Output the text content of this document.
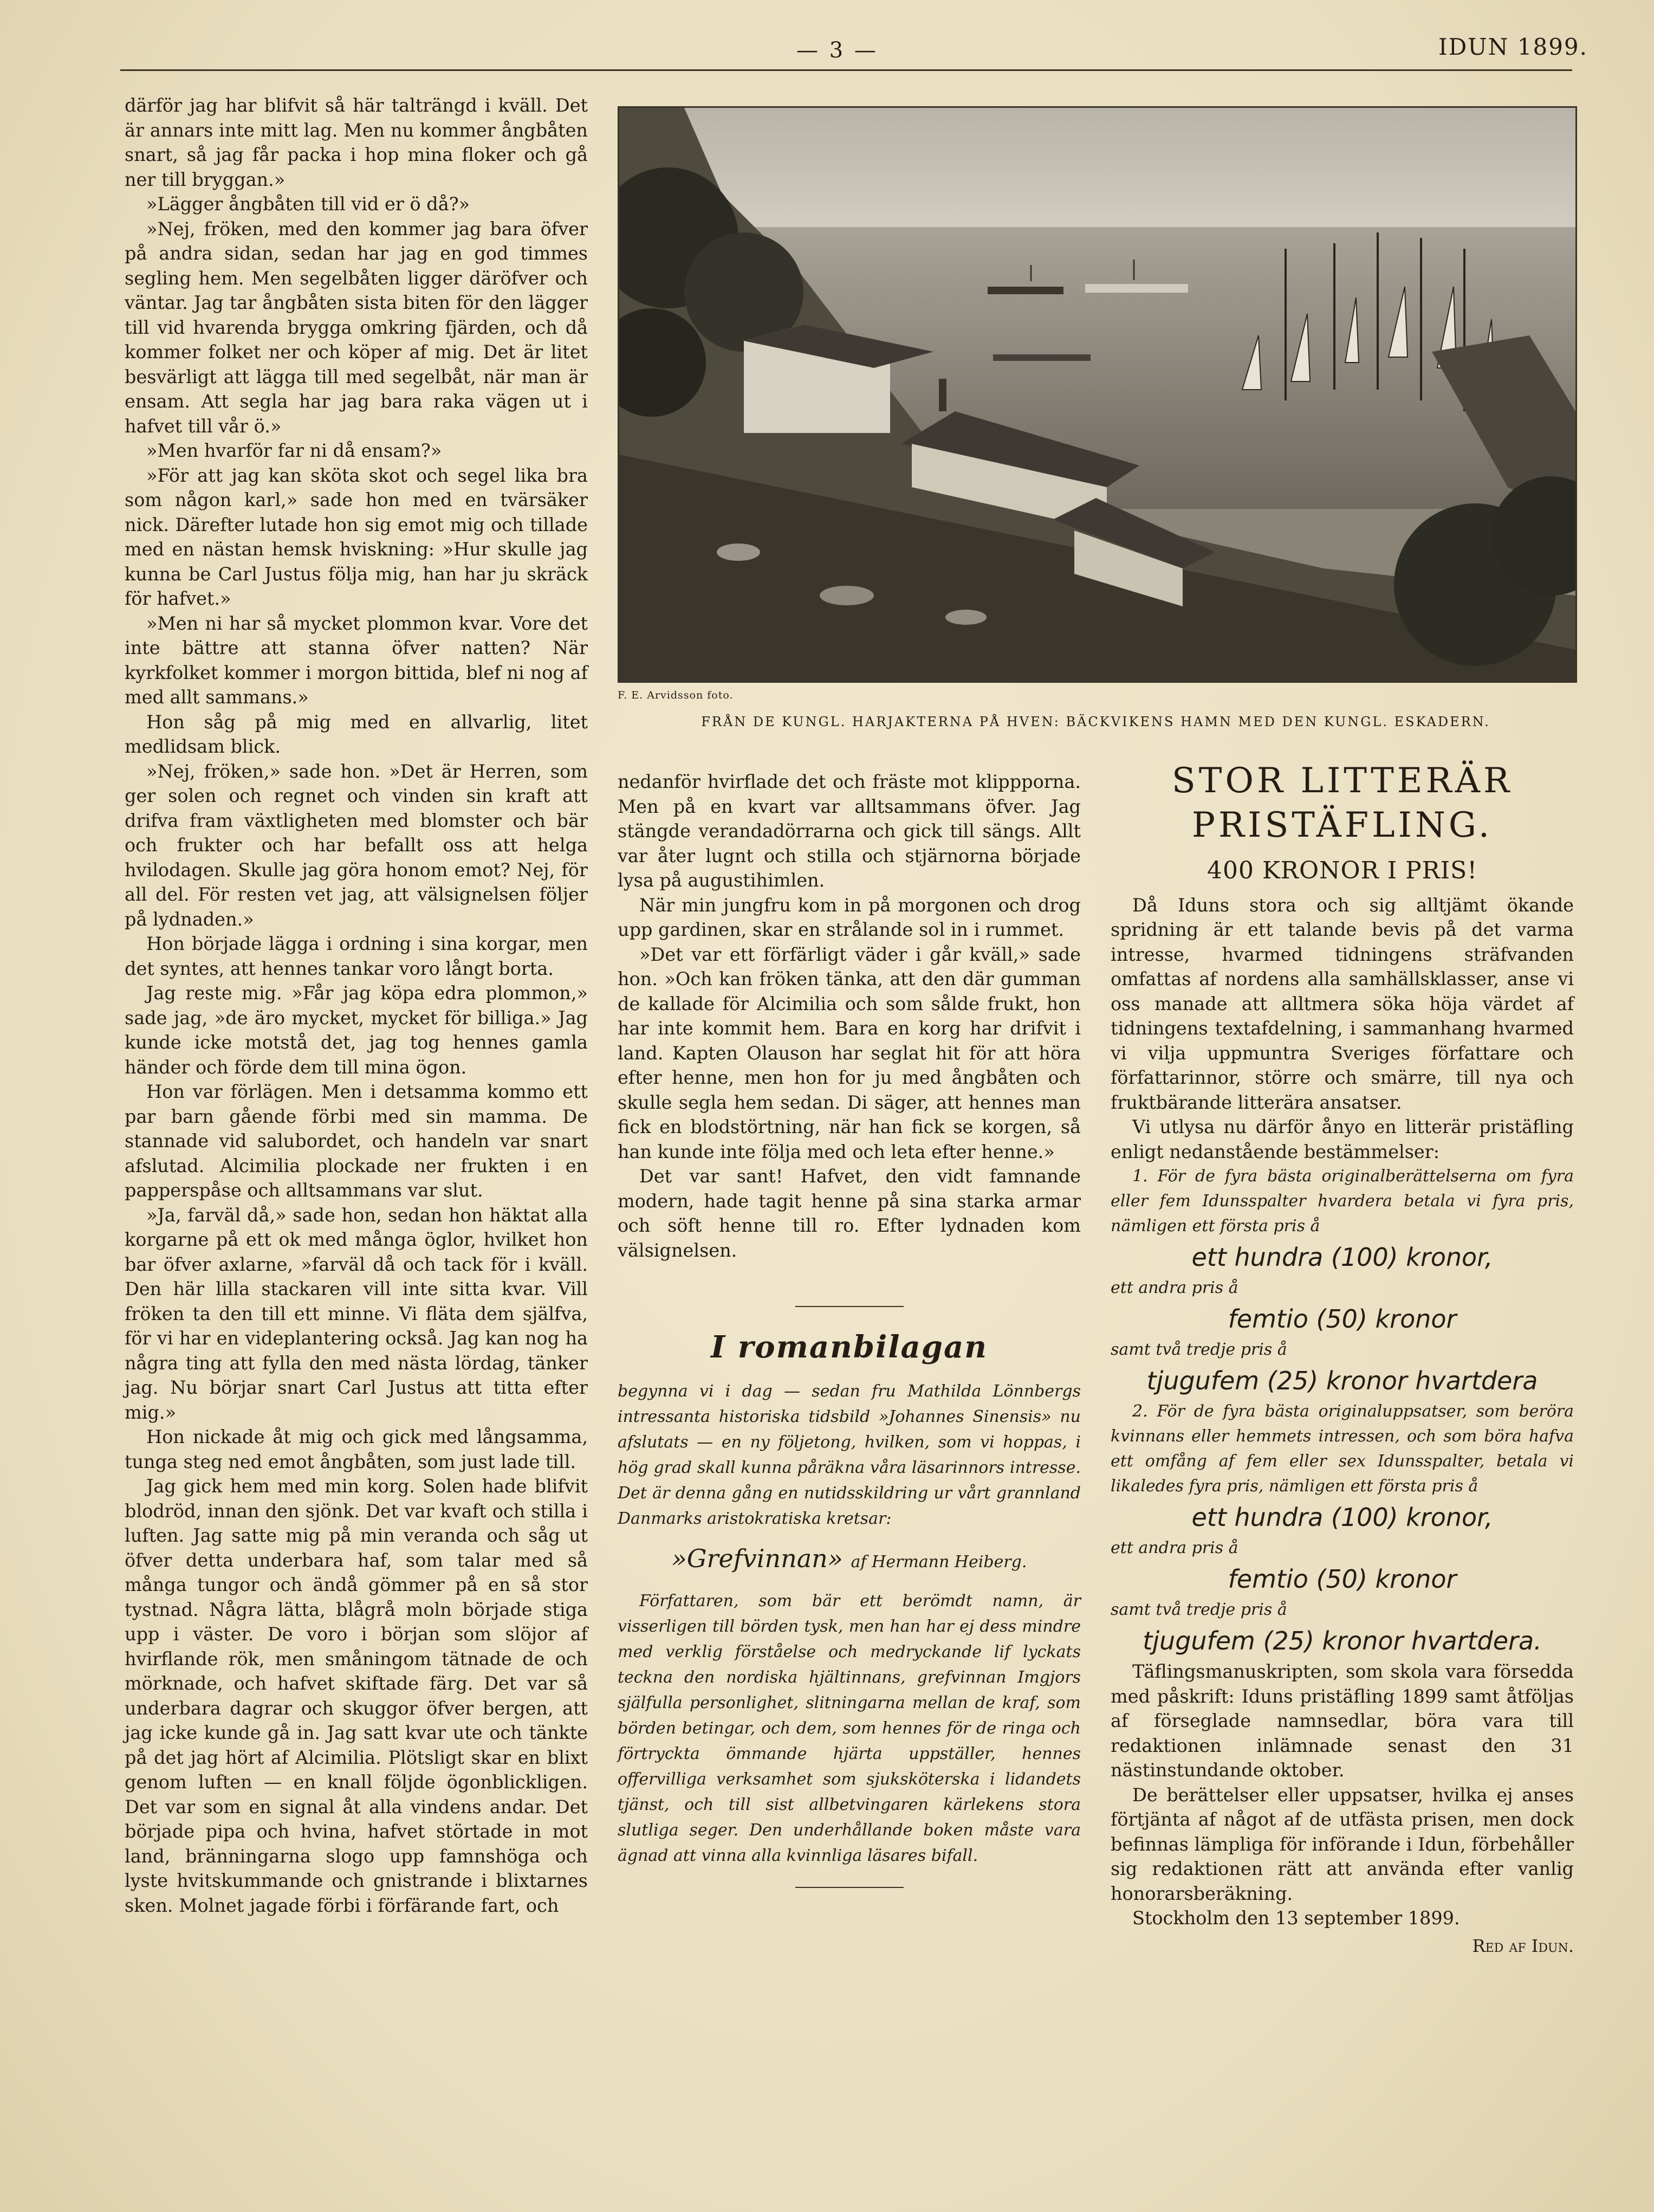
— 3 —	IDUN 1899.

därför jag har blifvit så här talträngd i kväll. Det är annars inte mitt lag. Men nu kommer ångbåten snart, så jag får packa i hop mina floker och gå ner till bryggan.»

»Lägger ångbåten till vid er ö då?»

»Nej, fröken, med den kommer jag bara öfver på andra sidan, sedan har jag en god timmes segling hem. Men segelbåten ligger däröfver och väntar. Jag tar ångbåten sista biten för den lägger till vid hvarenda brygga omkring fjärden, och då kommer folket ner och köper af mig. Det är litet besvärligt att lägga till med segelbåt, när man är ensam. Att segla har jag bara raka vägen ut i hafvet till vår ö.»

»Men hvarför far ni då ensam?»

»För att jag kan sköta skot och segel lika bra som någon karl,» sade hon med en tvärsäker nick. Därefter lutade hon sig emot mig och tillade med en nästan hemsk hviskning: »Hur skulle jag kunna be Carl Justus följa mig, han har ju skräck för hafvet.»

»Men ni har så mycket plommon kvar. Vore det inte bättre att stanna öfver natten? När kyrkfolket kommer i morgon bittida, blef ni nog af med allt sammans.»

Hon såg på mig med en allvarlig, litet medlidsam blick.

»Nej, fröken,» sade hon. »Det är Herren, som ger solen och regnet och vinden sin kraft att drifva fram växtligheten med blomster och bär och frukter och har befallt oss att helga hvilodagen. Skulle jag göra honom emot? Nej, för all del. För resten vet jag, att välsignelsen följer på lydnaden.»

Hon började lägga i ordning i sina korgar, men det syntes, att hennes tankar voro långt borta.

Jag reste mig. »Får jag köpa edra plommon,» sade jag, »de äro mycket, mycket för billiga.» Jag kunde icke motstå det, jag tog hennes gamla händer och förde dem till mina ögon.

Hon var förlägen. Men i detsamma kommo ett par barn gående förbi med sin mamma. De stannade vid salubordet, och handeln var snart afslutad. Alcimilia plockade ner frukten i en papperspåse och alltsammans var slut.

»Ja, farväl då,» sade hon, sedan hon häktat alla korgarne på ett ok med många öglor, hvilket hon bar öfver axlarne, »farväl då och tack för i kväll. Den här lilla stackaren vill inte sitta kvar. Vill fröken ta den till ett minne. Vi fläta dem själfva, för vi har en videplantering också. Jag kan nog ha några ting att fylla den med nästa lördag, tänker jag. Nu börjar snart Carl Justus att titta efter mig.»

Hon nickade åt mig och gick med långsamma, tunga steg ned emot ångbåten, som just lade till.

Jag gick hem med min korg. Solen hade blifvit blodröd, innan den sjönk. Det var kvaft och stilla i luften. Jag satte mig på min veranda och såg ut öfver detta underbara haf, som talar med så många tungor och ändå gömmer på en så stor tystnad. Några lätta, blågrå moln började stiga upp i väster. De voro i början som slöjor af hvirflande rök, men småningom tätnade de och mörknade, och hafvet skiftade färg. Det var så underbara dagrar och skuggor öfver bergen, att jag icke kunde gå in. Jag satt kvar ute och tänkte på det jag hört af Alcimilia. Plötsligt skar en blixt genom luften — en knall följde ögonblickligen. Det var som en signal åt alla vindens andar. Det började pipa och hvina, hafvet störtade in mot land, bränningarna slogo upp famnshöga och lyste hvitskummande och gnistrande i blixtarnes sken. Molnet jagade förbi i förfärande fart, och

F. E. Arvidsson foto.
FRÅN DE KUNGL. HARJAKTERNA PÅ HVEN: BÄCKVIKENS HAMN MED DEN KUNGL. ESKADERN.

nedanför hvirflade det och fräste mot klippporna. Men på en kvart var alltsammans öfver. Jag stängde verandadörrarna och gick till sängs. Allt var åter lugnt och stilla och stjärnorna började lysa på augustihimlen.

När min jungfru kom in på morgonen och drog upp gardinen, skar en strålande sol in i rummet.

»Det var ett förfärligt väder i går kväll,» sade hon. »Och kan fröken tänka, att den där gumman de kallade för Alcimilia och som sålde frukt, hon har inte kommit hem. Bara en korg har drifvit i land. Kapten Olauson har seglat hit för att höra efter henne, men hon for ju med ångbåten och skulle segla hem sedan. Di säger, att hennes man fick en blodstörtning, när han fick se korgen, så han kunde inte följa med och leta efter henne.»

Det var sant! Hafvet, den vidt famnande modern, hade tagit henne på sina starka armar och söft henne till ro. Efter lydnaden kom välsignelsen.

I romanbilagan
begynna vi i dag — sedan fru Mathilda Lönnbergs intressanta historiska tidsbild »Johannes Sinensis» nu afslutats — en ny följetong, hvilken, som vi hoppas, i hög grad skall kunna påräkna våra läsarinnors intresse. Det är denna gång en nutidsskildring ur vårt grannland Danmarks aristokratiska kretsar:
»Grefvinnan» af Hermann Heiberg.
Författaren, som bär ett berömdt namn, är visserligen till börden tysk, men han har ej dess mindre med verklig förståelse och medryckande lif lyckats teckna den nordiska hjältinnans, grefvinnan Imgjors själfulla personlighet, slitningarna mellan de kraf, som börden betingar, och dem, som hennes för de ringa och förtryckta ömmande hjärta uppställer, hennes offervilliga verksamhet som sjuksköterska i lidandets tjänst, och till sist allbetvingaren kärlekens stora slutliga seger. Den underhållande boken måste vara ägnad att vinna alla kvinnliga läsares bifall.
STOR LITTERÄR PRISTÄFLING.
400 KRONOR I PRIS!

Då Iduns stora och sig alltjämt ökande spridning är ett talande bevis på det varma intresse, hvarmed tidningens sträfvanden omfattas af nordens alla samhällsklasser, anse vi oss manade att alltmera söka höja värdet af tidningens textafdelning, i sammanhang hvarmed vi vilja uppmuntra Sveriges författare och författarinnor, större och smärre, till nya och fruktbärande litterära ansatser.

Vi utlysa nu därför ånyo en litterär pristäfling enligt nedanstående bestämmelser:

1. För de fyra bästa originalberättelserna om fyra eller fem Idunsspalter hvardera betala vi fyra pris, nämligen ett första pris å

ett hundra (100) kronor,
ett andra pris å
femtio (50) kronor
samt två tredje pris å
tjugufem (25) kronor hvartdera

2. För de fyra bästa originaluppsatser, som beröra kvinnans eller hemmets intressen, och som böra hafva ett omfång af fem eller sex Idunsspalter, betala vi likaledes fyra pris, nämligen ett första pris å

ett hundra (100) kronor,
ett andra pris å
femtio (50) kronor
samt två tredje pris å
tjugufem (25) kronor hvartdera.

Täflingsmanuskripten, som skola vara försedda med påskrift: Iduns pristäfling 1899 samt åtföljas af förseglade namnsedlar, böra vara till redaktionen inlämnade senast den 31 nästinstundande oktober.

De berättelser eller uppsatser, hvilka ej anses förtjänta af något af de utfästa prisen, men dock befinnas lämpliga för införande i Idun, förbehåller sig redaktionen rätt att använda efter vanlig honorarsberäkning.

Stockholm den 13 september 1899.

Red af Idun.
